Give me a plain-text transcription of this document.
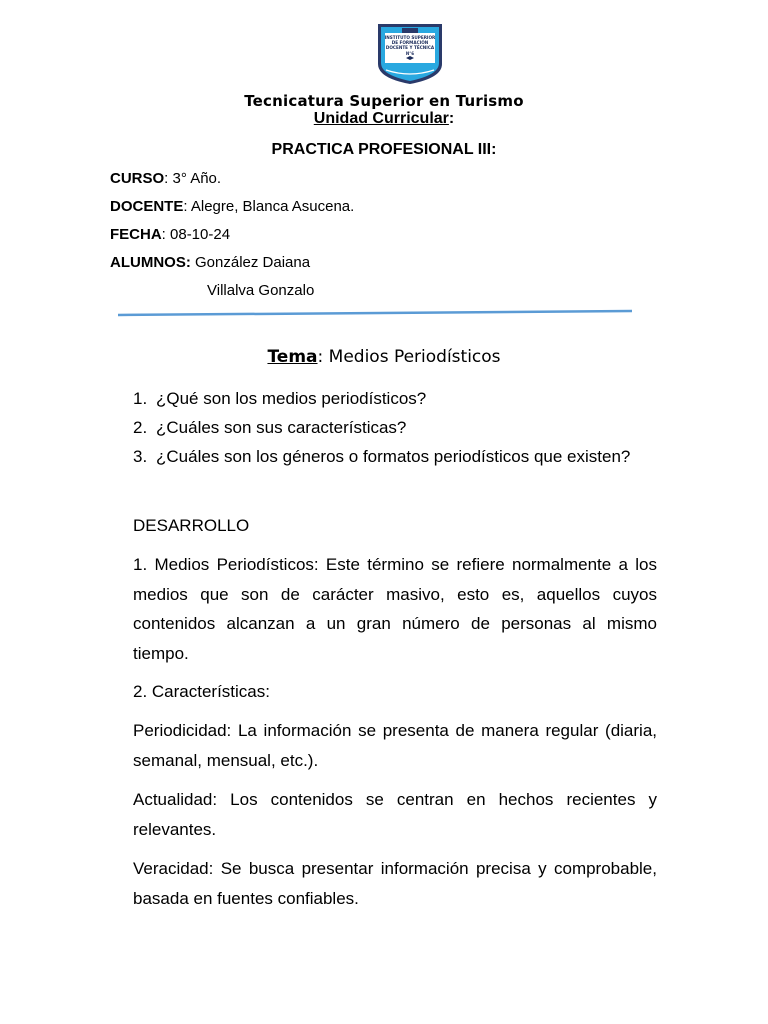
INSTITUTO SUPERIOR
DE FORMACIÓN
DOCENTE Y TÉCNICA
N°6
Tecnicatura Superior en Turismo
Unidad Curricular:
PRACTICA PROFESIONAL III:
CURSO: 3° Año.
DOCENTE: Alegre, Blanca Asucena.
FECHA: 08-10-24
ALUMNOS: González Daiana
Villalva Gonzalo
Tema: Medios Periodísticos
1. ¿Qué son los medios periodísticos?
2. ¿Cuáles son sus características?
3. ¿Cuáles son los géneros o formatos periodísticos que existen?
DESARROLLO
1. Medios Periodísticos: Este término se refiere normalmente a los medios que son de carácter masivo, esto es, aquellos cuyos contenidos alcanzan a un gran número de personas al mismo tiempo.
2. Características:
Periodicidad: La información se presenta de manera regular (diaria, semanal, mensual, etc.).
Actualidad: Los contenidos se centran en hechos recientes y relevantes.
Veracidad: Se busca presentar información precisa y comprobable, basada en fuentes confiables.
